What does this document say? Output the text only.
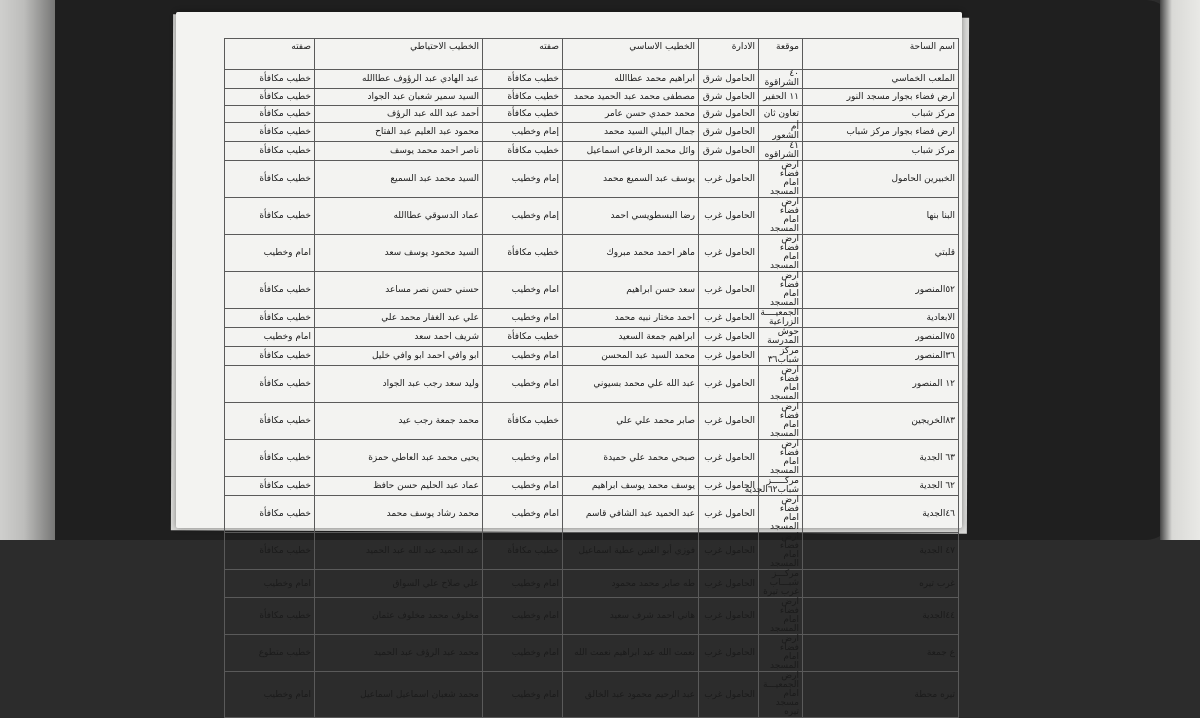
اسم الساحة	موقعة	الادارة	الخطيب الاساسي	صفته	الخطيب الاحتياطي	صفته
الملعب الخماسي	٤٠ الشراقوة	الحامول شرق	ابراهيم محمد عطاالله	خطيب مكافأة	عبد الهادي عبد الرؤوف عطاالله	خطيب مكافأة
ارض فضاء بجوار مسجد النور	١١ الحفير	الحامول شرق	مصطفى محمد عبد الحميد محمد	خطيب مكافأة	السيد سمير شعبان عبد الجواد	خطيب مكافأة
مركز شباب	تعاون ثان	الحامول شرق	محمد حمدي حسن عامر	خطيب مكافأة	أحمد عبد الله عبد الرؤف	خطيب مكافأة
ارض فضاء بجوار مركز شباب	أم الشعور	الحامول شرق	جمال البيلي السيد محمد	إمام وخطيب	محمود عبد العليم عبد الفتاح	خطيب مكافأة
مركز شباب	٤١ الشراقوه	الحامول شرق	وائل محمد الرفاعي اسماعيل	خطيب مكافأة	ناصر احمد محمد يوسف	خطيب مكافأة
الخبيرين الحامول	ارض فضاء امام المسجد	الحامول غرب	يوسف عبد السميع محمد	إمام وخطيب	السيد محمد عبد السميع	خطيب مكافأة
البنا بنها	ارض فضاء امام المسجد	الحامول غرب	رضا البسطويسي احمد	إمام وخطيب	عماد الدسوقي عطاالله	خطيب مكافأة
قلبتي	ارض فضاء امام المسجد	الحامول غرب	ماهر احمد محمد مبروك	خطيب مكافأة	السيد محمود يوسف سعد	امام وخطيب
٥٢المنصور	ارض فضاء امام المسجد	الحامول غرب	سعد حسن ابراهيم	امام وخطيب	حسني حسن نصر مساعد	خطيب مكافأة
الابعادية	الجمعيــــة الزراعية	الحامول غرب	احمد مختار نبيه محمد	امام وخطيب	علي عبد الغفار محمد علي	خطيب مكافأة
٧٥المنصور	حوش المدرسة	الحامول غرب	ابراهيم جمعة السعيد	خطيب مكافأة	شريف احمد سعد	امام وخطيب
٣٦المنصور	مركز شباب٣٦	الحامول غرب	محمد السيد عبد المحسن	امام وخطيب	ابو وافي احمد ابو وافي خليل	خطيب مكافأة
١٢ المنصور	ارض فضاء امام المسجد	الحامول غرب	عبد الله علي محمد بسيوني	امام وخطيب	وليد سعد رجب عبد الجواد	خطيب مكافأة
٨٣الخريجين	ارض فضاء امام المسجد	الحامول غرب	صابر محمد علي علي	خطيب مكافأة	محمد جمعة رجب عيد	خطيب مكافأة
٦٣ الجدية	ارض فضاء امام المسجد	الحامول غرب	صبحي محمد علي حميدة	امام وخطيب	يحيى محمد عبد العاطي حمزة	خطيب مكافأة
٦٢ الجدية	مركـــــز شباب٦٢الجدية	الحامول غرب	يوسف محمد يوسف ابراهيم	امام وخطيب	عماد عبد الحليم حسن حافظ	خطيب مكافأة
٤٦الجدية	ارض فضاء امام المسجد	الحامول غرب	عبد الحميد عبد الشافي قاسم	امام وخطيب	محمد رشاد يوسف محمد	خطيب مكافأة
٤٧ الجدية	ارض فضاء امام المسجد	الحامول غرب	فوزي أبو العنين عطية اسماعيل	خطيب مكافأة	عبد الحميد عبد الله عبد الحميد	خطيب مكافأة
غرب تيره	مركـــز شبـــاب غرب تيرة	الحامول غرب	طه صابر محمد محمود	امام وخطيب	علي صلاح علي السواق	امام وخطيب
٤٤الجدية	ارض فضاء امام المسجد	الحامول غرب	هاني احمد شرف سعيد	امام وخطيب	مخلوف محمد مخلوف عثمان	خطيب مكافأة
ع جمعة	ارض فضاء امام المسجد	الحامول غرب	نعمت الله عبد ابراهيم نعمت الله	امام وخطيب	محمد عبد الرؤف عبد الحميد	خطيب متطوع
تيره محطة	ارض الجمعيـــة امام مسجد تيره	الحامول غرب	عبد الرحيم محمود عبد الخالق	امام وخطيب	محمد شعبان اسماعيل اسماعيل	امام وخطيب
